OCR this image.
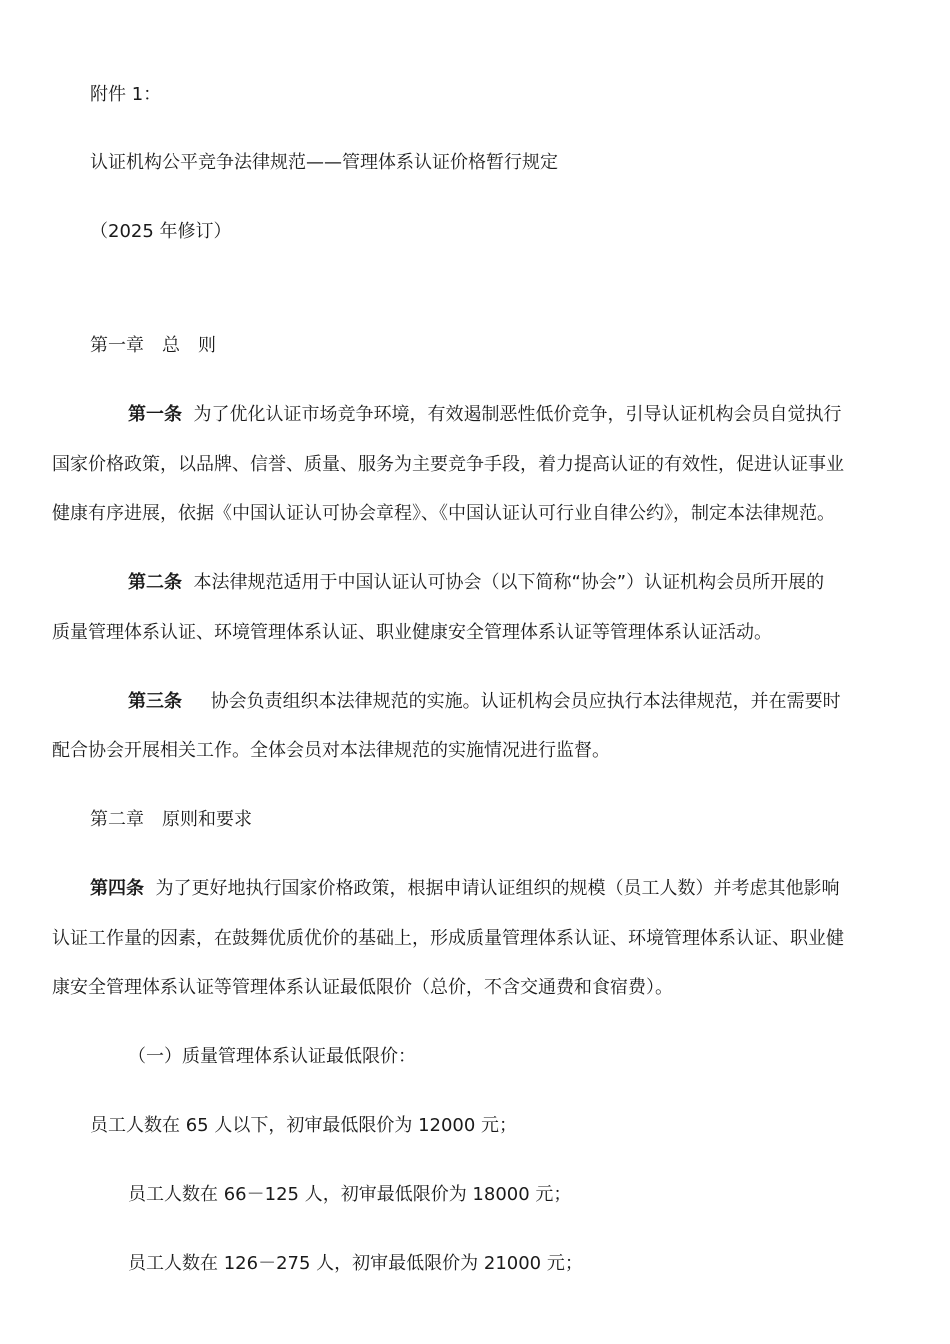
附件 1：
认证机构公平竞争法律规范——管理体系认证价格暂行规定
（2025 年修订）
第一章　总　则
第一条 为了优化认证市场竞争环境，有效遏制恶性低价竞争，引导认证机构会员自觉执行
国家价格政策，以品牌、信誉、质量、服务为主要竞争手段，着力提高认证的有效性，促进认证事业
健康有序进展，依据《中国认证认可协会章程》、《中国认证认可行业自律公约》，制定本法律规范。
第二条 本法律规范适用于中国认证认可协会（以下简称“协会”）认证机构会员所开展的
质量管理体系认证、环境管理体系认证、职业健康安全管理体系认证等管理体系认证活动。
第三条 协会负责组织本法律规范的实施。认证机构会员应执行本法律规范，并在需要时
配合协会开展相关工作。全体会员对本法律规范的实施情况进行监督。
第二章　原则和要求
第四条 为了更好地执行国家价格政策，根据申请认证组织的规模（员工人数）并考虑其他影响
认证工作量的因素，在鼓舞优质优价的基础上，形成质量管理体系认证、环境管理体系认证、职业健
康安全管理体系认证等管理体系认证最低限价（总价，不含交通费和食宿费）。
（一）质量管理体系认证最低限价：
员工人数在 65 人以下，初审最低限价为 12000 元；
员工人数在 66－125 人，初审最低限价为 18000 元；
员工人数在 126－275 人，初审最低限价为 21000 元；
